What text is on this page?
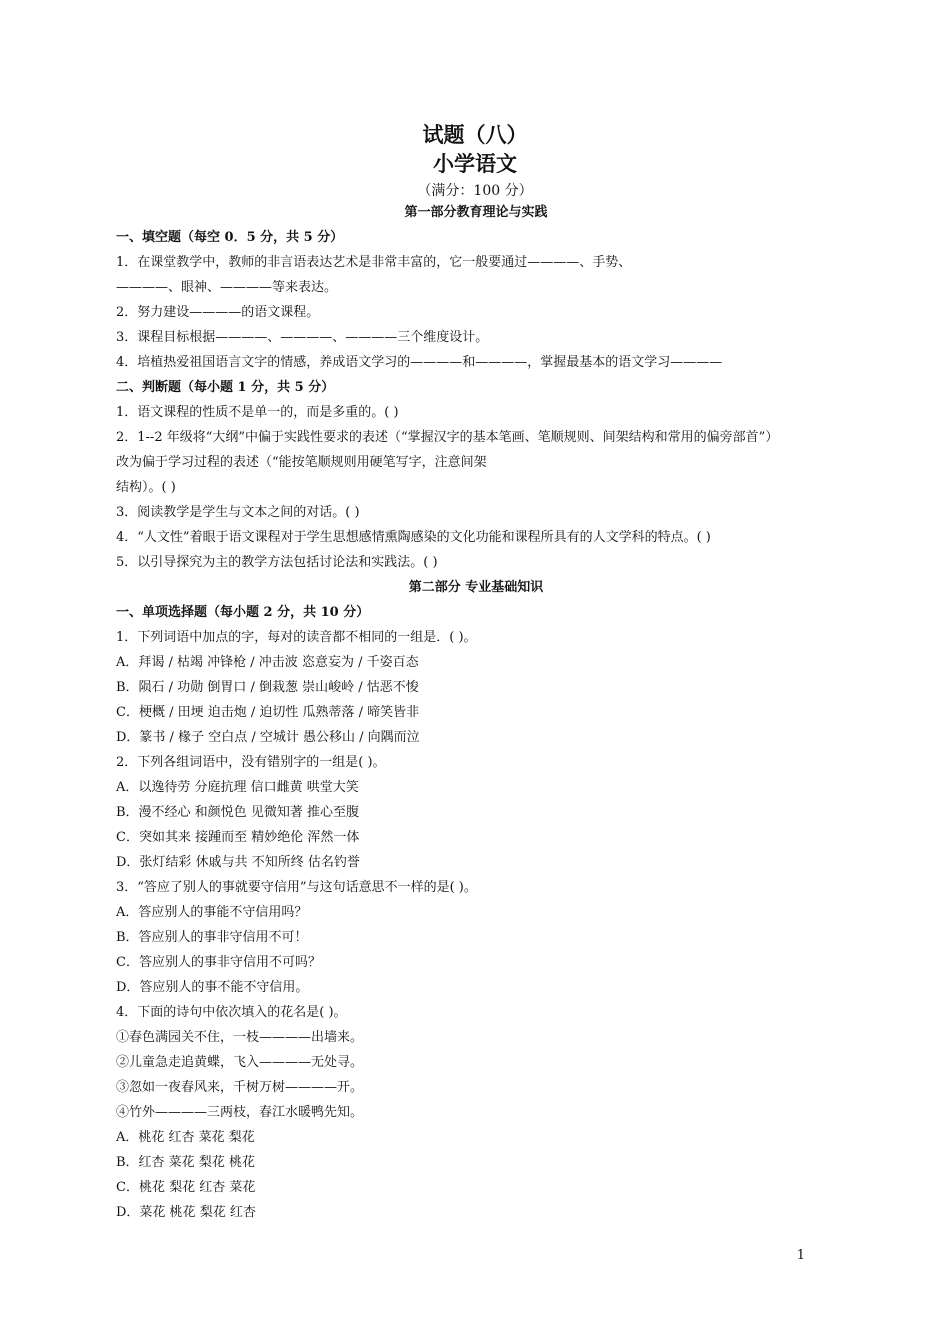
试题（八）
小学语文
（满分：100 分）
第一部分教育理论与实践
一、填空题（每空 0．5 分，共 5 分）
1．在课堂教学中，教师的非言语表达艺术是非常丰富的，它一般要通过————、手势、
————、眼神、————等来表达。
2．努力建设————的语文课程。
3．课程目标根据————、————、————三个维度设计。
4．培植热爱祖国语言文字的情感，养成语文学习的————和————，掌握最基本的语文学习————
二、判断题（每小题 1 分，共 5 分）
1．语文课程的性质不是单一的，而是多重的。( )
2．1--2 年级将“大纲”中偏于实践性要求的表述（“掌握汉字的基本笔画、笔顺规则、间架结构和常用的偏旁部首”）
改为偏于学习过程的表述（“能按笔顺规则用硬笔写字，注意间架
结构）。( )
3．阅读教学是学生与文本之间的对话。( )
4．“人文性”着眼于语文课程对于学生思想感情熏陶感染的文化功能和课程所具有的人文学科的特点。( )
5．以引导探究为主的教学方法包括讨论法和实践法。( )
第二部分 专业基础知识
一、单项选择题（每小题 2 分，共 10 分）
1．下列词语中加点的字，每对的读音都不相同的一组是．( )。
A．拜谒 / 枯竭 冲锋枪 / 冲击波 恣意妄为 / 千姿百态
B．陨石 / 功勋 倒胃口 / 倒栽葱 崇山峻岭 / 怙恶不悛
C．梗概 / 田埂 迫击炮 / 迫切性 瓜熟蒂落 / 啼笑皆非
D．篆书 / 椽子 空白点 / 空城计 愚公移山 / 向隅而泣
2．下列各组词语中，没有错别字的一组是( )。
A．以逸待劳 分庭抗理 信口雌黄 哄堂大笑
B．漫不经心 和颜悦色 见微知著 推心至腹
C．突如其来 接踵而至 精妙绝伦 浑然一体
D．张灯结彩 休戚与共 不知所终 估名钓誉
3．“答应了别人的事就要守信用”与这句话意思不一样的是( )。
A．答应别人的事能不守信用吗？
B．答应别人的事非守信用不可！
C．答应别人的事非守信用不可吗？
D．答应别人的事不能不守信用。
4．下面的诗句中依次填入的花名是( )。
①春色满园关不住，一枝————出墙来。
②儿童急走追黄蝶，飞入————无处寻。
③忽如一夜春风来，千树万树————开。
④竹外————三两枝，春江水暖鸭先知。
A．桃花 红杏 菜花 梨花
B．红杏 菜花 梨花 桃花
C．桃花 梨花 红杏 菜花
D．菜花 桃花 梨花 红杏
1
